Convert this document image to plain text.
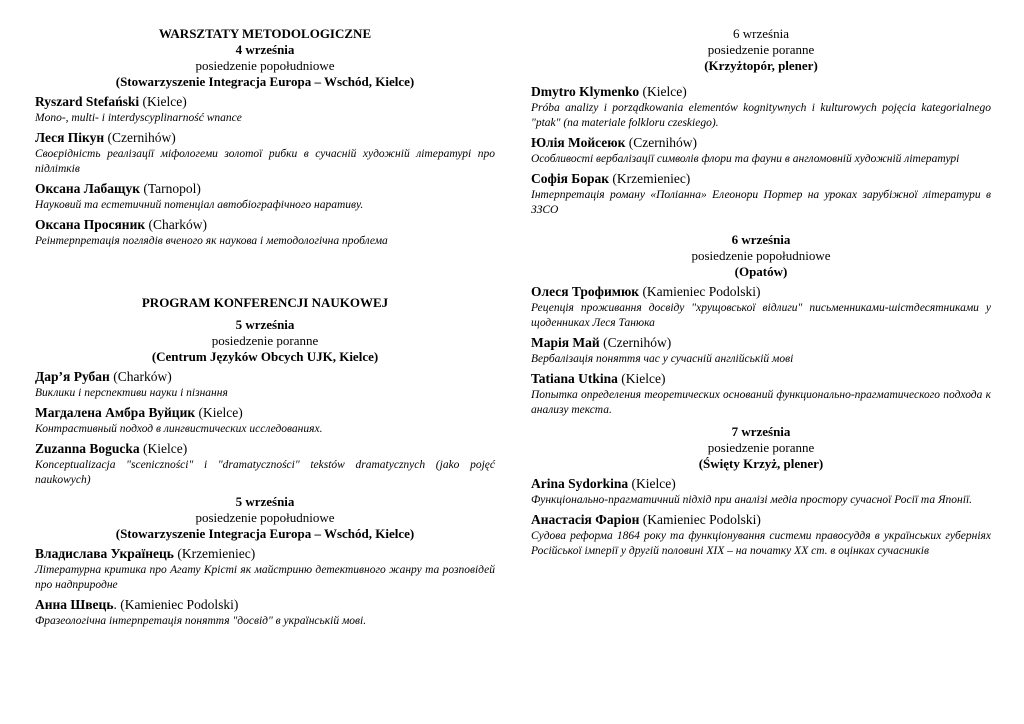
WARSZTATY METODOLOGICZNE
4 września
posiedzenie popołudniowe
(Stowarzyszenie Integracja Europa – Wschód, Kielce)
Ryszard Stefański (Kielce)
Mono-, multi- i interdyscyplinarność wnance
Леся Пікун (Czernihów)
Своєрідність реалізації міфологеми золотої рибки в сучасній художній літературі про підлітків
Оксана Лабащук (Tarnopol)
Науковий та естетичний потенціал автобіографічного наративу.
Оксана Просяник (Charków)
Реінтерпретація поглядів вченого як наукова і методологічна проблема
PROGRAM KONFERENCJI NAUKOWEJ
5 września
posiedzenie poranne
(Centrum Języków Obcych UJK, Kielce)
Дар’я Рубан (Charków)
Виклики і перспективи науки і пізнання
Магдалена Амбра Вуйцик (Kielce)
Контрастивный подход в лингвистических исследованиях.
Zuzanna Bogucka (Kielce)
Konceptualizacja "sceniczności" i "dramatyczności" tekstów dramatycznych (jako pojęć naukowych)
5 września
posiedzenie popołudniowe
(Stowarzyszenie Integracja Europa – Wschód, Kielce)
Владислава Українець (Krzemieniec)
Літературна критика про Агату Крісті як майстриню детективного жанру та розповідей про надприродне
Анна Швець. (Kamieniec Podolski)
Фразеологічна інтерпретація поняття "досвід" в українській мові.
6 września
posiedzenie poranne
(Krzyżtopór, plener)
Dmytro Klymenko (Kielce)
Próba analizy i porządkowania elementów kognitywnych i kulturowych pojęcia kategorialnego "ptak" (na materiale folkloru czeskiego).
Юлія Мойсеюк (Czernihów)
Особливості вербалізації символів флори та фауни в англомовній художній літературі
Софія Борак (Krzemieniec)
Інтерпретація роману «Поліанна» Елеонори Портер на уроках зарубіжної літератури в ЗЗСО
6 września
posiedzenie popołudniowe
(Opatów)
Олеся Трофимюк (Kamieniec Podolski)
Рецепція проживання досвіду "хрущовської відлиги" письменниками-шістдесятниками у щоденниках Леся Танюка
Марія Май (Czernihów)
Вербалізація поняття час у сучасній англійській мові
Tatiana Utkina (Kielce)
Попытка определения теоретических оснований функционально-прагматического подхода к анализу текста.
7 września
posiedzenie poranne
(Święty Krzyż, plener)
Arina Sydorkina (Kielce)
Функціонально-прагматичний підхід при аналізі медіа простору сучасної Росії та Японії.
Анастасія Фаріон (Kamieniec Podolski)
Судова реформа 1864 року та функціонування системи правосуддя в українських губерніях Російської імперії у другій половині XIX – на початку XX ст. в оцінках сучасників
